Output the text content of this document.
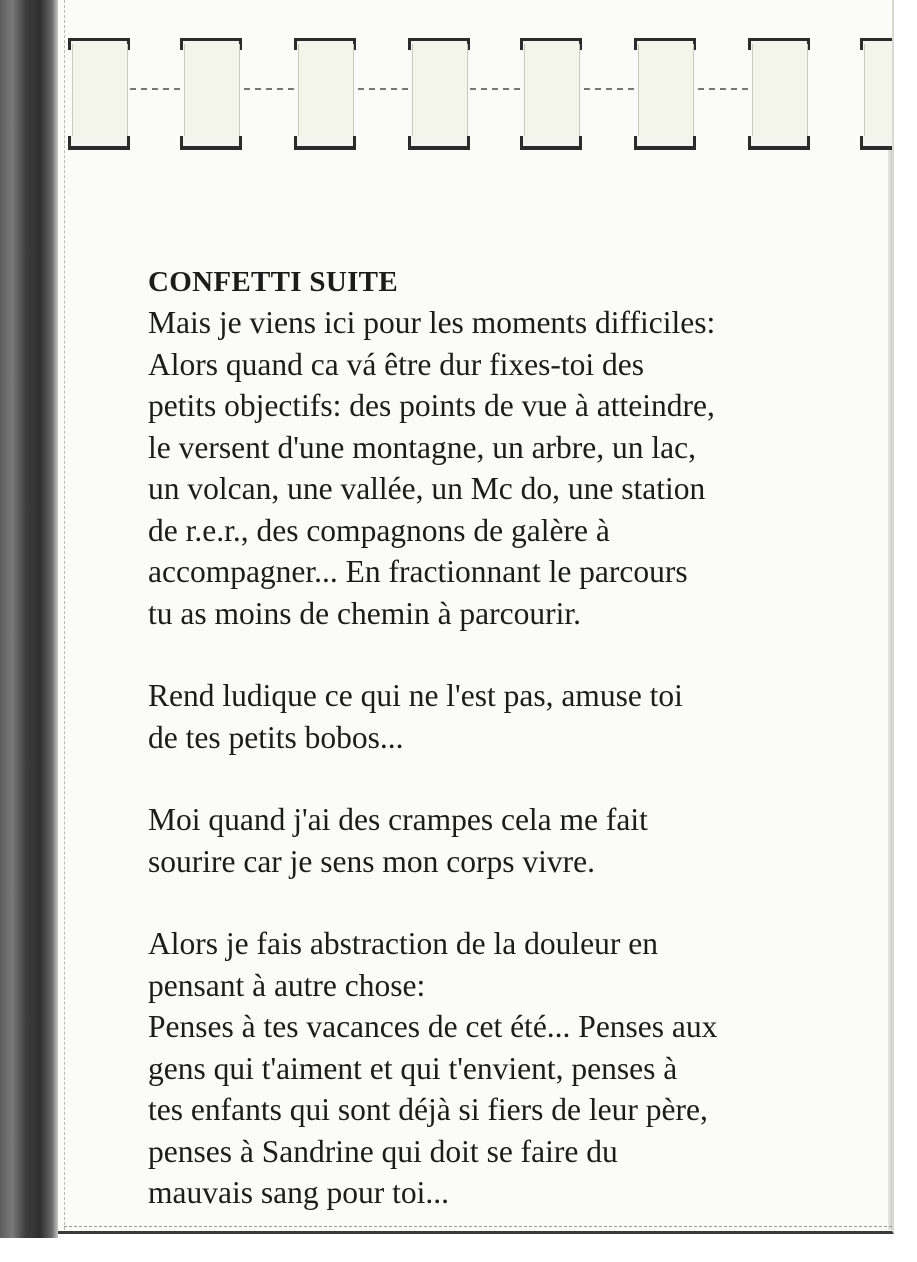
CONFETTI SUITE

Mais je viens ici pour les moments difficiles:

Alors quand ca vá être dur fixes-toi des

petits objectifs: des points de vue à atteindre,

le versent d'une montagne, un arbre, un lac,

un volcan, une vallée, un Mc do, une station

de r.e.r., des compagnons de galère à

accompagner... En fractionnant le parcours

tu as moins de chemin à parcourir.

Rend ludique ce qui ne l'est pas, amuse toi

de tes petits bobos...

Moi quand j'ai des crampes cela me fait

sourire car je sens mon corps vivre.

Alors je fais abstraction de la douleur en

pensant à autre chose:

Penses à tes vacances de cet été... Penses aux

gens qui t'aiment et qui t'envient, penses à

tes enfants qui sont déjà si fiers de leur père,

penses à Sandrine qui doit se faire du

mauvais sang pour toi...
